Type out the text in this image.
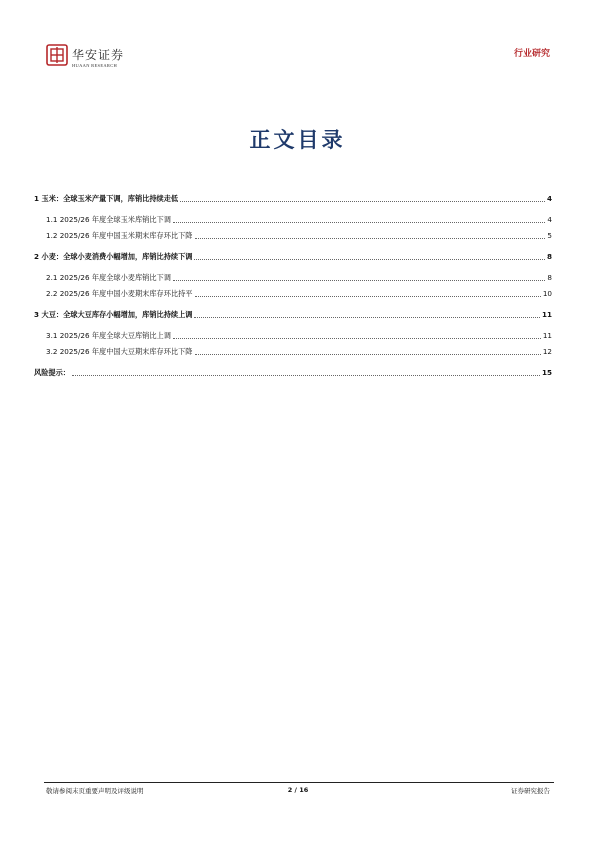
华安证券
HUAAN RESEARCH
行业研究
正文目录
1 玉米：全球玉米产量下调，库销比持续走低	4
1.1 2025/26 年度全球玉米库销比下调	4
1.2 2025/26 年度中国玉米期末库存环比下降	5
2 小麦：全球小麦消费小幅增加，库销比持续下调	8
2.1 2025/26 年度全球小麦库销比下调	8
2.2 2025/26 年度中国小麦期末库存环比持平	10
3 大豆：全球大豆库存小幅增加，库销比持续上调	11
3.1 2025/26 年度全球大豆库销比上调	11
3.2 2025/26 年度中国大豆期末库存环比下降	12
风险提示：	15
敬请参阅末页重要声明及评级说明	2 / 16	证券研究报告
